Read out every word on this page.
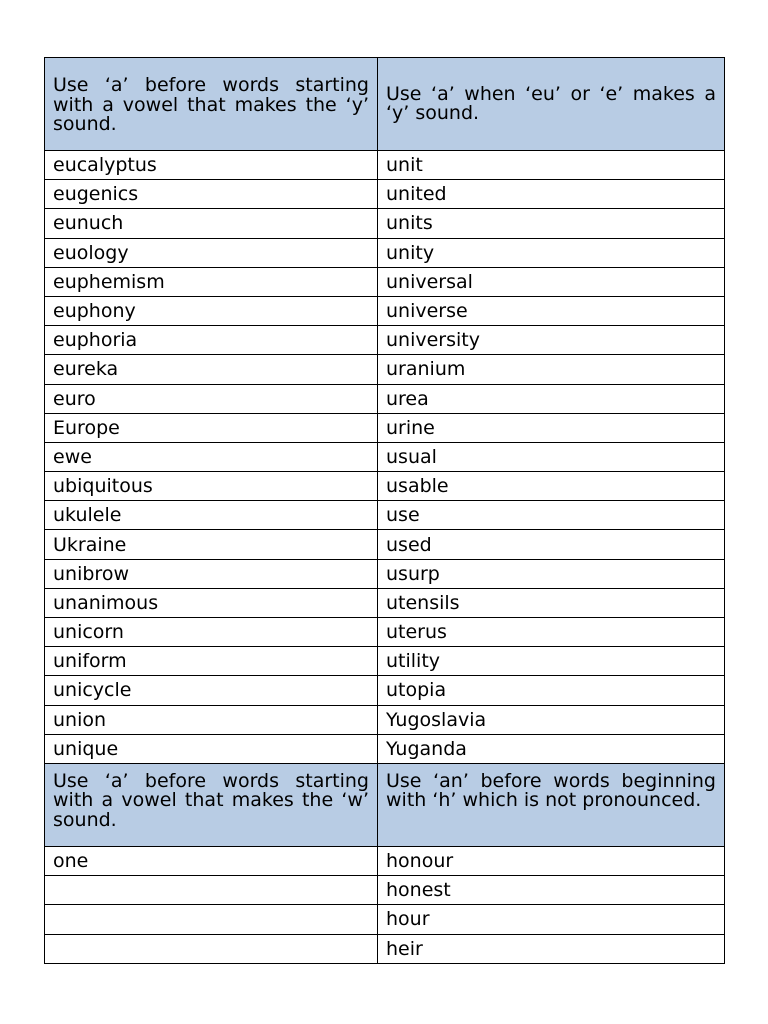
Use ‘a’ before words starting with a vowel that makes the ‘y’ sound.	Use ‘a’ when ‘eu’ or ‘e’ makes a ‘y’ sound.
eucalyptus	unit
eugenics	united
eunuch	units
euology	unity
euphemism	universal
euphony	universe
euphoria	university
eureka	uranium
euro	urea
Europe	urine
ewe	usual
ubiquitous	usable
ukulele	use
Ukraine	used
unibrow	usurp
unanimous	utensils
unicorn	uterus
uniform	utility
unicycle	utopia
union	Yugoslavia
unique	Yuganda
Use ‘a’ before words starting with a vowel that makes the ‘w’ sound.	Use ‘an’ before words beginning with ‘h’ which is not pronounced.
one	honour
	honest
	hour
	heir
